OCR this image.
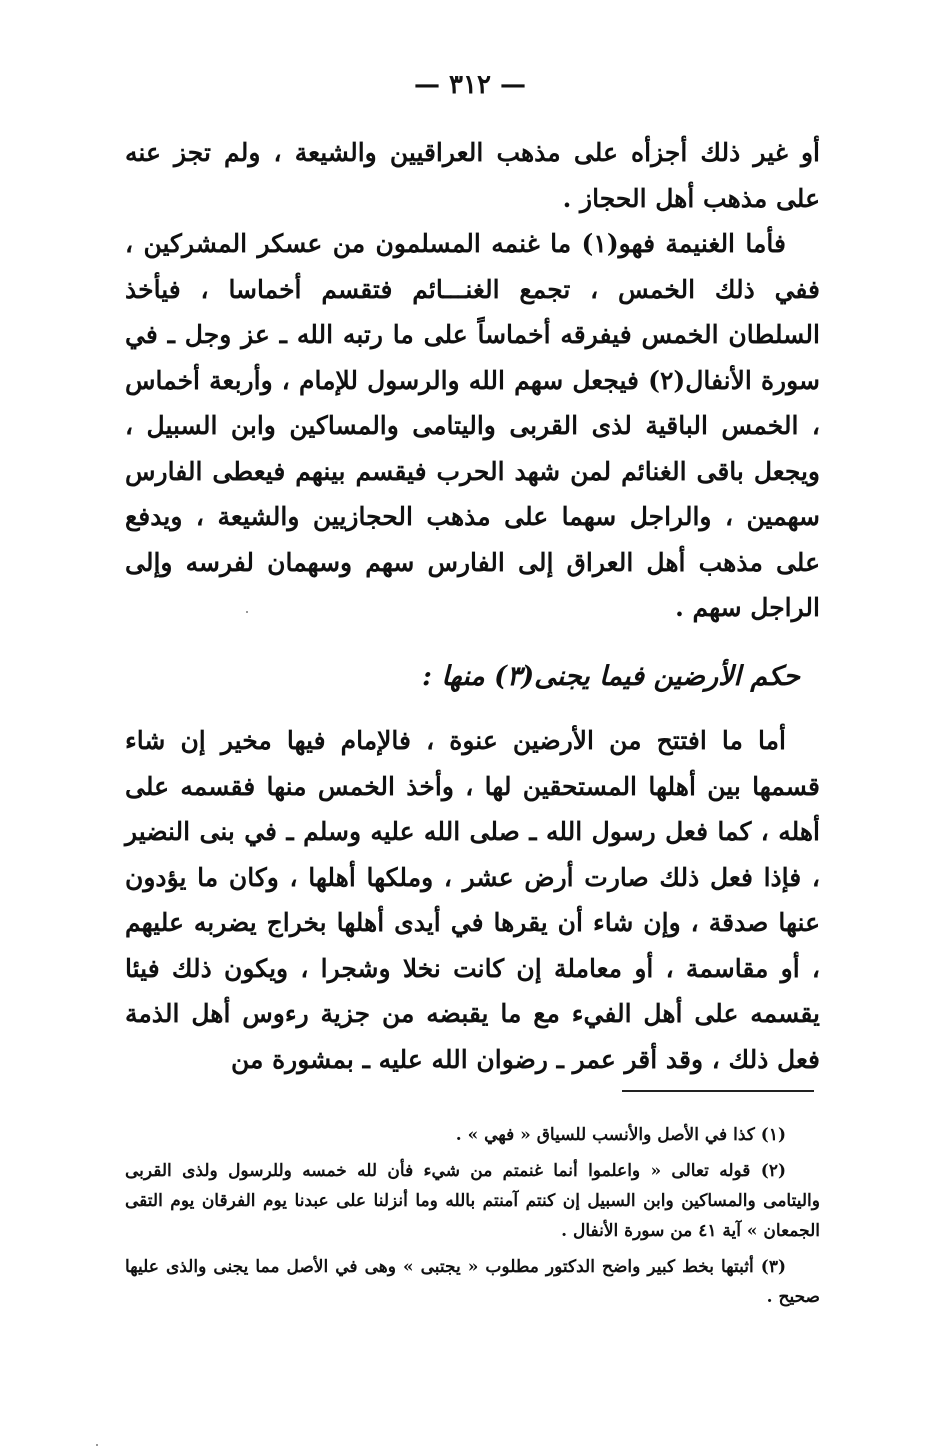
— ٣١٢ —

أو غير ذلك أجزأه على مذهب العراقيين والشيعة ، ولم تجز عنه على مذهب أهل الحجاز .

فأما الغنيمة فهو(١) ما غنمه المسلمون من عسكر المشركين ، ففي ذلك الخمس ، تجمع الغنـــائم فتقسم أخماسا ، فيأخذ السلطان الخمس فيفرقه أخماساً على ما رتبه الله ـ عز وجل ـ في سورة الأنفال(٢) فيجعل سهم الله والرسول للإمام ، وأربعة أخماس ، الخمس الباقية لذى القربى واليتامى والمساكين وابن السبيل ، ويجعل باقى الغنائم لمن شهد الحرب فيقسم بينهم فيعطى الفارس سهمين ، والراجل سهما على مذهب الحجازيين والشيعة ، ويدفع على مذهب أهل العراق إلى الفارس سهم وسهمان لفرسه وإلى الراجل سهم .

حكم الأرضين فيما يجنى(٣) منها :

أما ما افتتح من الأرضين عنوة ، فالإمام فيها مخير إن شاء قسمها بين أهلها المستحقين لها ، وأخذ الخمس منها فقسمه على أهله ، كما فعل رسول الله ـ صلى الله عليه وسلم ـ في بنى النضير ، فإذا فعل ذلك صارت أرض عشر ، وملكها أهلها ، وكان ما يؤدون عنها صدقة ، وإن شاء أن يقرها في أيدى أهلها بخراج يضربه عليهم ، أو مقاسمة ، أو معاملة إن كانت نخلا وشجرا ، ويكون ذلك فيئا يقسمه على أهل الفيء مع ما يقبضه من جزية رءوس أهل الذمة فعل ذلك ، وقد أقر عمر ـ رضوان الله عليه ـ بمشورة من

(١) كذا في الأصل والأنسب للسياق « فهي » .

(٢) قوله تعالى « واعلموا أنما غنمتم من شيء فأن لله خمسه وللرسول ولذى القربى واليتامى والمساكين وابن السبيل إن كنتم آمنتم بالله وما أنزلنا على عبدنا يوم الفرقان يوم التقى الجمعان » آية ٤١ من سورة الأنفال .

(٣) أثبتها بخط كبير واضح الدكتور مطلوب « يجتبى » وهى في الأصل مما يجنى والذى عليها صحيح .
